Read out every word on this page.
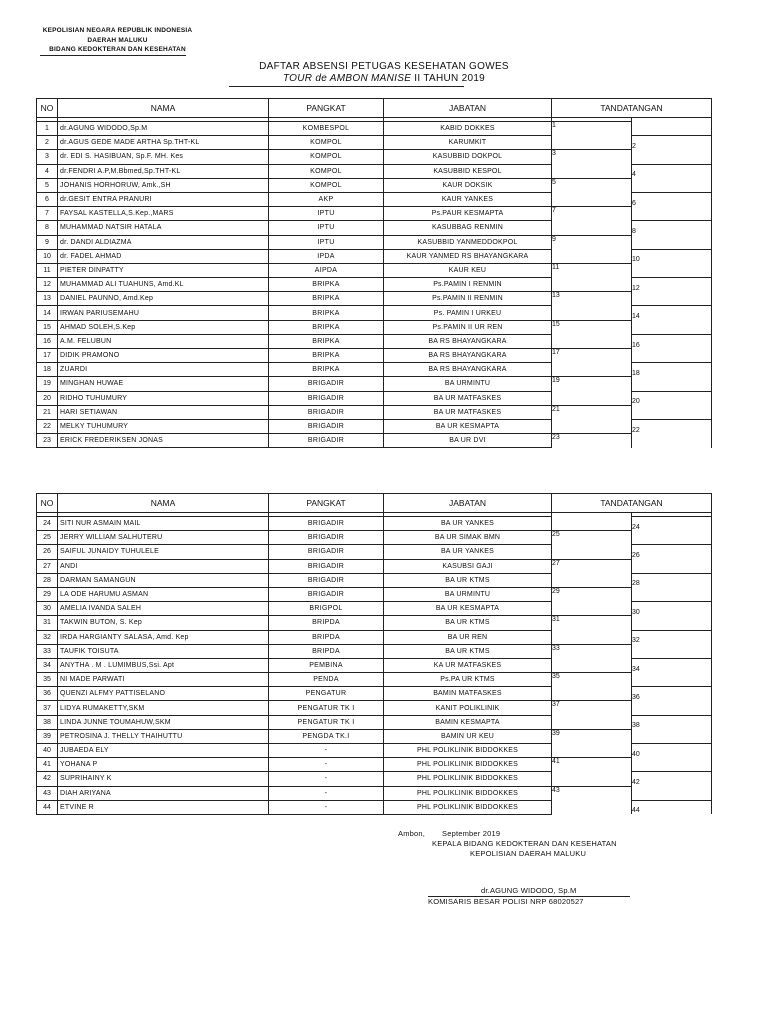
KEPOLISIAN NEGARA REPUBLIK INDONESIA
DAERAH MALUKU
BIDANG KEDOKTERAN DAN KESEHATAN
DAFTAR ABSENSI PETUGAS KESEHATAN GOWES
TOUR de AMBON MANISE II TAHUN 2019
NO	NAMA	PANGKAT	JABATAN	TANDATANGAN	

1	dr.AGUNG WIDODO,Sp.M	KOMBESPOL	KABID DOKKES	1	

2	dr.AGUS GEDE MADE ARTHA Sp.THT-KL	KOMPOL	KARUMKIT		2

3	dr. EDI S. HASIBUAN, Sp.F. MH. Kes	KOMPOL	KASUBBID DOKPOL	3	

4	dr.FENDRI A.P,M.Bbmed,Sp.THT-KL	KOMPOL	KASUBBID KESPOL		4

5	JOHANIS HORHORUW, Amk.,SH	KOMPOL	KAUR DOKSIK	5	

6	dr.GESIT ENTRA PRANURI	AKP	KAUR YANKES		6

7	FAYSAL KASTELLA,S.Kep.,MARS	IPTU	Ps.PAUR KESMAPTA	7	

8	MUHAMMAD NATSIR HATALA	IPTU	KASUBBAG RENMIN		8

9	dr. DANDI ALDIAZMA	IPTU	KASUBBID YANMEDDOKPOL	9	

10	dr. FADEL AHMAD	IPDA	KAUR YANMED RS BHAYANGKARA		10

11	PIETER DINPATTY	AIPDA	KAUR KEU	11	

12	MUHAMMAD ALI TUAHUNS, Amd.KL	BRIPKA	Ps.PAMIN I RENMIN		12

13	DANIEL PAUNNO, Amd.Kep	BRIPKA	Ps.PAMIN II RENMIN	13	

14	IRWAN PARIUSEMAHU	BRIPKA	Ps. PAMIN I URKEU		14

15	AHMAD SOLEH,S.Kep	BRIPKA	Ps.PAMIN II UR REN	15	

16	A.M. FELUBUN	BRIPKA	BA RS BHAYANGKARA		16

17	DIDIK PRAMONO	BRIPKA	BA RS BHAYANGKARA	17	

18	ZUARDI	BRIPKA	BA RS BHAYANGKARA		18

19	MINGHAN HUWAE	BRIGADIR	BA URMINTU	19	

20	RIDHO TUHUMURY	BRIGADIR	BA UR MATFASKES		20

21	HARI SETIAWAN	BRIGADIR	BA UR MATFASKES	21	

22	MELKY TUHUMURY	BRIGADIR	BA UR KESMAPTA		22

23	ERICK FREDERIKSEN JONAS	BRIGADIR	BA UR DVI	23	

NO	NAMA	PANGKAT	JABATAN	TANDATANGAN	

24	SITI NUR ASMAIN MAIL	BRIGADIR	BA UR YANKES		24

25	JERRY WILLIAM SALHUTERU	BRIGADIR	BA UR SIMAK BMN	25	

26	SAIFUL JUNAIDY TUHULELE	BRIGADIR	BA UR YANKES		26

27	ANDI	BRIGADIR	KASUBSI GAJI	27	

28	DARMAN SAMANGUN	BRIGADIR	BA UR KTMS		28

29	LA ODE HARUMU ASMAN	BRIGADIR	BA URMINTU	29	

30	AMELIA IVANDA SALEH	BRIGPOL	BA UR KESMAPTA		30

31	TAKWIN BUTON, S. Kep	BRIPDA	BA UR KTMS	31	

32	IRDA HARGIANTY SALASA, Amd. Kep	BRIPDA	BA UR REN		32

33	TAUFIK TOISUTA	BRIPDA	BA UR KTMS	33	

34	ANYTHA . M . LUMIMBUS,Ssi. Apt	PEMBINA	KA UR MATFASKES		34

35	NI MADE PARWATI	PENDA	Ps.PA UR KTMS	35	

36	QUENZI ALFMY PATTISELANO	PENGATUR	BAMIN MATFASKES		36

37	LIDYA RUMAKETTY,SKM	PENGATUR TK I	KANIT POLIKLINIK	37	

38	LINDA JUNNE TOUMAHUW,SKM	PENGATUR TK I	BAMIN KESMAPTA		38

39	PETROSINA J. THELLY THAIHUTTU	PENGDA TK.I	BAMIN UR KEU	39	

40	JUBAEDA ELY	-	PHL POLIKLINIK BIDDOKKES		40

41	YOHANA P	-	PHL POLIKLINIK BIDDOKKES	41	

42	SUPRIHAINY K	-	PHL POLIKLINIK BIDDOKKES		42

43	DIAH ARIYANA	-	PHL POLIKLINIK BIDDOKKES	43	

44	ETVINE R	-	PHL POLIKLINIK BIDDOKKES		44
Ambon, September 2019
KEPALA BIDANG KEDOKTERAN DAN KESEHATAN
KEPOLISIAN DAERAH MALUKU
dr.AGUNG WIDODO, Sp.M
KOMISARIS BESAR POLISI NRP 68020527
